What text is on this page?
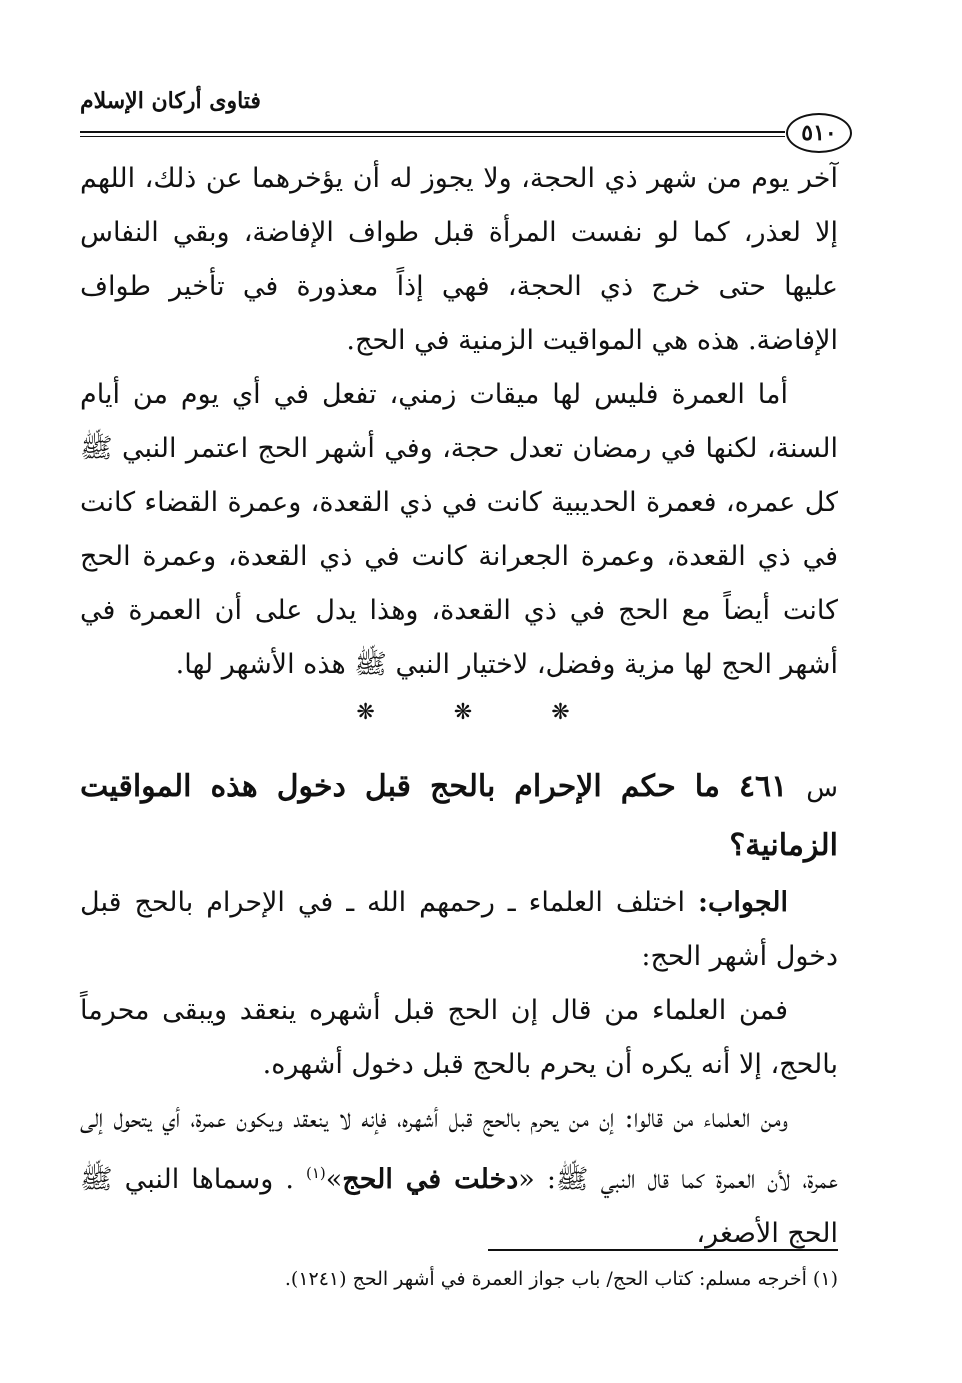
فتاوى أركان الإسلام
٥١٠

آخر يوم من شهر ذي الحجة، ولا يجوز له أن يؤخرهما عن ذلك، اللهم إلا لعذر، كما لو نفست المرأة قبل طواف الإفاضة، وبقي النفاس عليها حتى خرج ذي الحجة، فهي إذاً معذورة في تأخير طواف الإفاضة. هذه هي المواقيت الزمنية في الحج.

أما العمرة فليس لها ميقات زمني، تفعل في أي يوم من أيام السنة، لكنها في رمضان تعدل حجة، وفي أشهر الحج اعتمر النبي ﷺ كل عمره، فعمرة الحديبية كانت في ذي القعدة، وعمرة القضاء كانت في ذي القعدة، وعمرة الجعرانة كانت في ذي القعدة، وعمرة الحج كانت أيضاً مع الحج في ذي القعدة، وهذا يدل على أن العمرة في أشهر الحج لها مزية وفضل، لاختيار النبي ﷺ هذه الأشهر لها.

❋ ❋ ❋

س ٤٦١ ما حكم الإحرام بالحج قبل دخول هذه المواقيت الزمانية؟

الجواب: اختلف العلماء ـ رحمهم الله ـ في الإحرام بالحج قبل دخول أشهر الحج:

فمن العلماء من قال إن الحج قبل أشهره ينعقد ويبقى محرماً بالحج، إلا أنه يكره أن يحرم بالحج قبل دخول أشهره.

ومن العلماء من قالوا: إن من يحرم بالحج قبل أشهره، فإنه لا ينعقد ويكون عمرة، أي يتحول إلى عمرة، لأن العمرة كما قال النبي ﷺ: «دخلت في الحج»$^{(١)}$ . وسماها النبي ﷺ الحج الأصغر،

(١) أخرجه مسلم: كتاب الحج/ باب جواز العمرة في أشهر الحج (١٢٤١).
